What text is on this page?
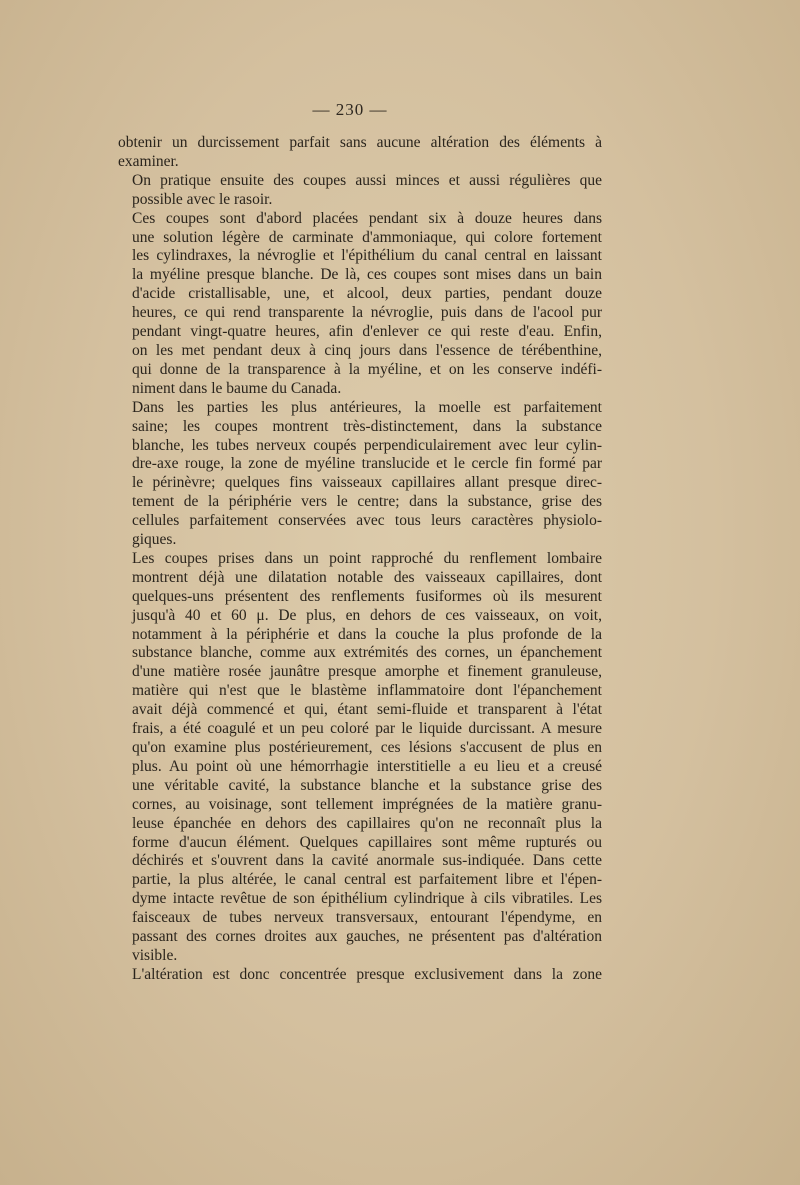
— 230 —

obtenir un durcissement parfait sans aucune altération des éléments à
examiner.

On pratique ensuite des coupes aussi minces et aussi régulières que
possible avec le rasoir.

Ces coupes sont d'abord placées pendant six à douze heures dans
une solution légère de carminate d'ammoniaque, qui colore fortement
les cylindraxes, la névroglie et l'épithélium du canal central en laissant
la myéline presque blanche. De là, ces coupes sont mises dans un bain
d'acide cristallisable, une, et alcool, deux parties, pendant douze
heures, ce qui rend transparente la névroglie, puis dans de l'acool pur
pendant vingt-quatre heures, afin d'enlever ce qui reste d'eau. Enfin,
on les met pendant deux à cinq jours dans l'essence de térébenthine,
qui donne de la transparence à la myéline, et on les conserve indéfi-
niment dans le baume du Canada.

Dans les parties les plus antérieures, la moelle est parfaitement
saine; les coupes montrent très-distinctement, dans la substance
blanche, les tubes nerveux coupés perpendiculairement avec leur cylin-
dre-axe rouge, la zone de myéline translucide et le cercle fin formé par
le périnèvre; quelques fins vaisseaux capillaires allant presque direc-
tement de la périphérie vers le centre; dans la substance, grise des
cellules parfaitement conservées avec tous leurs caractères physiolo-
giques.

Les coupes prises dans un point rapproché du renflement lombaire
montrent déjà une dilatation notable des vaisseaux capillaires, dont
quelques-uns présentent des renflements fusiformes où ils mesurent
jusqu'à 40 et 60 μ. De plus, en dehors de ces vaisseaux, on voit,
notamment à la périphérie et dans la couche la plus profonde de la
substance blanche, comme aux extrémités des cornes, un épanchement
d'une matière rosée jaunâtre presque amorphe et finement granuleuse,
matière qui n'est que le blastème inflammatoire dont l'épanchement
avait déjà commencé et qui, étant semi-fluide et transparent à l'état
frais, a été coagulé et un peu coloré par le liquide durcissant. A mesure
qu'on examine plus postérieurement, ces lésions s'accusent de plus en
plus. Au point où une hémorrhagie interstitielle a eu lieu et a creusé
une véritable cavité, la substance blanche et la substance grise des
cornes, au voisinage, sont tellement imprégnées de la matière granu-
leuse épanchée en dehors des capillaires qu'on ne reconnaît plus la
forme d'aucun élément. Quelques capillaires sont même rupturés ou
déchirés et s'ouvrent dans la cavité anormale sus-indiquée. Dans cette
partie, la plus altérée, le canal central est parfaitement libre et l'épen-
dyme intacte revêtue de son épithélium cylindrique à cils vibratiles. Les
faisceaux de tubes nerveux transversaux, entourant l'épendyme, en
passant des cornes droites aux gauches, ne présentent pas d'altération
visible.

L'altération est donc concentrée presque exclusivement dans la zone
